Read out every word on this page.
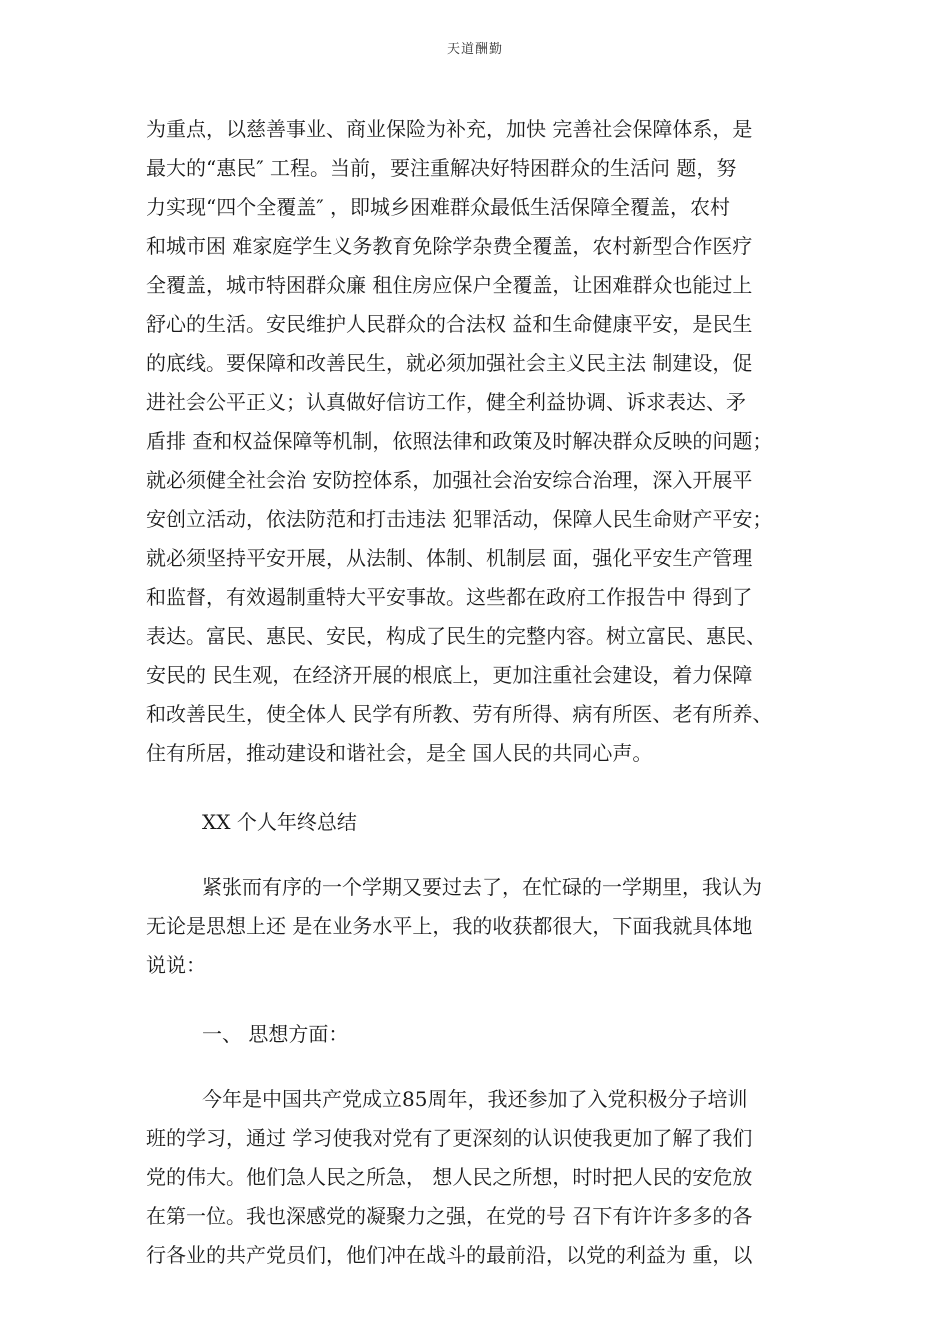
天道酬勤
为重点，以慈善事业、商业保险为补充，加快 完善社会保障体系，是
最大的“惠民″ 工程。当前，要注重解决好特困群众的生活问 题，努
力实现“四个全覆盖″ ，即城乡困难群众最低生活保障全覆盖，农村
和城市困 难家庭学生义务教育免除学杂费全覆盖，农村新型合作医疗
全覆盖，城市特困群众廉 租住房应保户全覆盖，让困难群众也能过上
舒心的生活。安民维护人民群众的合法权 益和生命健康平安，是民生
的底线。要保障和改善民生，就必须加强社会主义民主法 制建设，促
进社会公平正义；认真做好信访工作，健全利益协调、诉求表达、矛
盾排 查和权益保障等机制，依照法律和政策及时解决群众反映的问题；
就必须健全社会治 安防控体系，加强社会治安综合治理，深入开展平
安创立活动，依法防范和打击违法 犯罪活动，保障人民生命财产平安；
就必须坚持平安开展，从法制、体制、机制层 面，强化平安生产管理
和监督，有效遏制重特大平安事故。这些都在政府工作报告中 得到了
表达。富民、惠民、安民，构成了民生的完整内容。树立富民、惠民、
安民的 民生观，在经济开展的根底上，更加注重社会建设，着力保障
和改善民生，使全体人 民学有所教、劳有所得、病有所医、老有所养、
住有所居，推动建设和谐社会，是全 国人民的共同心声。
XX 个人年终总结
紧张而有序的一个学期又要过去了，在忙碌的一学期里，我认为
无论是思想上还 是在业务水平上，我的收获都很大，下面我就具体地
说说：
一、 思想方面：
今年是中国共产党成立85周年，我还参加了入党积极分子培训
班的学习，通过 学习使我对党有了更深刻的认识使我更加了解了我们
党的伟大。他们急人民之所急， 想人民之所想，时时把人民的安危放
在第一位。我也深感党的凝聚力之强，在党的号 召下有许许多多的各
行各业的共产党员们，他们冲在战斗的最前沿，以党的利益为 重，以
